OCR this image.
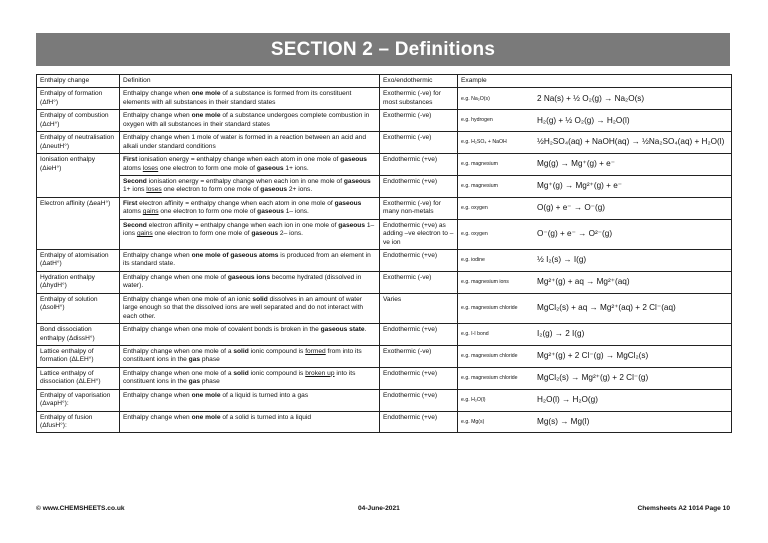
SECTION 2 – Definitions
Enthalpy change	Definition	Exo/endothermic	Example
Enthalpy of formation (ΔfH°)	Enthalpy change when one mole of a substance is formed from its constituent elements with all substances in their standard states	Exothermic (-ve) for most substances	e.g. Na₂O(s) 2 Na(s) + ½ O₂(g) → Na₂O(s)
Enthalpy of combustion (ΔcH°)	Enthalpy change when one mole of a substance undergoes complete combustion in oxygen with all substances in their standard states	Exothermic (-ve)	e.g. hydrogen H₂(g) + ½ O₂(g) → H₂O(l)
Enthalpy of neutralisation (ΔneutH°)	Enthalpy change when 1 mole of water is formed in a reaction between an acid and alkali under standard conditions	Exothermic (-ve)	e.g. H₂SO₄ + NaOH ½H₂SO₄(aq) + NaOH(aq) → ½Na₂SO₄(aq) + H₂O(l)
Ionisation enthalpy (ΔieH°)	First ionisation energy = enthalpy change when each atom in one mole of gaseous atoms loses one electron to form one mole of gaseous 1+ ions.	Endothermic (+ve)	e.g. magnesium Mg(g) → Mg⁺(g) + e⁻
	Second ionisation energy = enthalpy change when each ion in one mole of gaseous 1+ ions loses one electron to form one mole of gaseous 2+ ions.	Endothermic (+ve)	e.g. magnesium Mg⁺(g) → Mg²⁺(g) + e⁻
Electron affinity (ΔeaH°)	First electron affinity = enthalpy change when each atom in one mole of gaseous atoms gains one electron to form one mole of gaseous 1– ions.	Exothermic (-ve) for many non-metals	e.g. oxygen O(g) + e⁻ → O⁻(g)
	Second electron affinity = enthalpy change when each ion in one mole of gaseous 1– ions gains one electron to form one mole of gaseous 2– ions.	Endothermic (+ve) as adding –ve electron to –ve ion	e.g. oxygen O⁻(g) + e⁻ → O²⁻(g)
Enthalpy of atomisation (ΔatH°)	Enthalpy change when one mole of gaseous atoms is produced from an element in its standard state.	Endothermic (+ve)	e.g. iodine ½ I₂(s) → I(g)
Hydration enthalpy (ΔhydH°)	Enthalpy change when one mole of gaseous ions become hydrated (dissolved in water).	Exothermic (-ve)	e.g. magnesium ions Mg²⁺(g) + aq → Mg²⁺(aq)
Enthalpy of solution (ΔsolH°)	Enthalpy change when one mole of an ionic solid dissolves in an amount of water large enough so that the dissolved ions are well separated and do not interact with each other.	Varies	e.g. magnesium chloride MgCl₂(s) + aq → Mg²⁺(aq) + 2 Cl⁻(aq)
Bond dissociation enthalpy (ΔdissH°)	Enthalpy change when one mole of covalent bonds is broken in the gaseous state.	Endothermic (+ve)	e.g. I-I bond I₂(g) → 2 I(g)
Lattice enthalpy of formation (ΔLEH°)	Enthalpy change when one mole of a solid ionic compound is formed from into its constituent ions in the gas phase	Exothermic (-ve)	e.g. magnesium chloride Mg²⁺(g) + 2 Cl⁻(g) → MgCl₂(s)
Lattice enthalpy of dissociation (ΔLEH°)	Enthalpy change when one mole of a solid ionic compound is broken up into its constituent ions in the gas phase	Endothermic (+ve)	e.g. magnesium chloride MgCl₂(s) → Mg²⁺(g) + 2 Cl⁻(g)
Enthalpy of vaporisation (ΔvapH°):	Enthalpy change when one mole of a liquid is turned into a gas	Endothermic (+ve)	e.g. H₂O(l) H₂O(l) → H₂O(g)
Enthalpy of fusion (ΔfusH°):	Enthalpy change when one mole of a solid is turned into a liquid	Endothermic (+ve)	e.g. Mg(s) Mg(s) → Mg(l)
© www.CHEMSHEETS.co.uk	04-June-2021	Chemsheets A2 1014 Page 10
